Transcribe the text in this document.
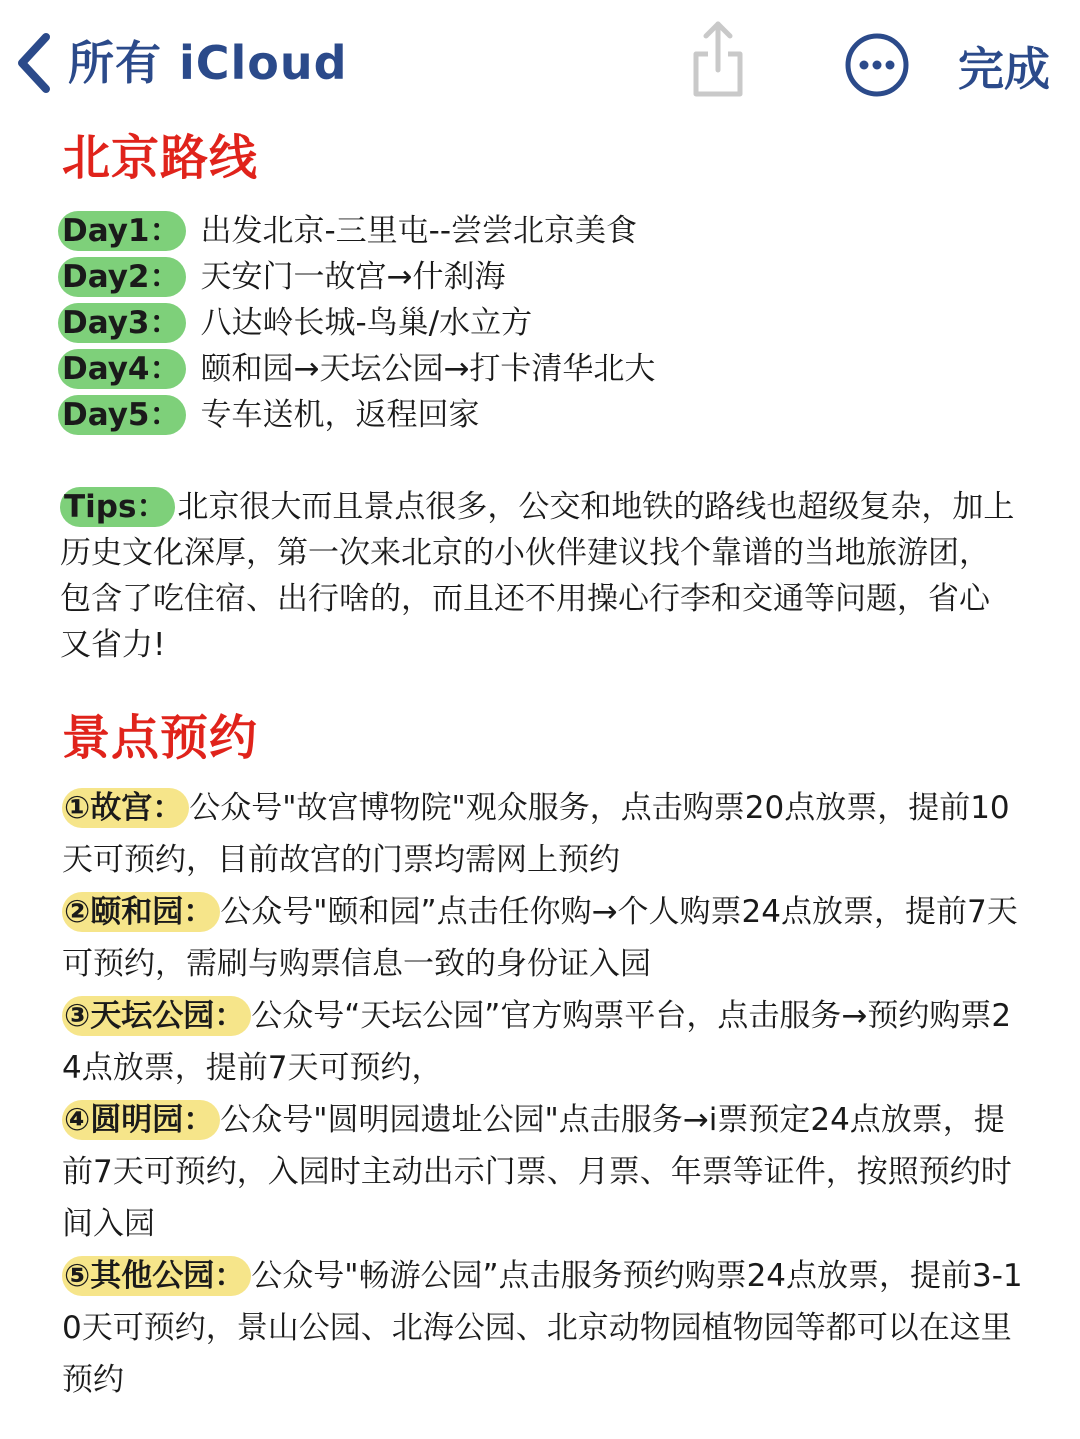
所有 iCloud	完成
北京路线
Day1： 出发北京-三里屯--尝尝北京美食
Day2： 天安门一故宫→什刹海
Day3： 八达岭长城-鸟巢/水立方
Day4： 颐和园→天坛公园→打卡清华北大
Day5： 专车送机，返程回家
Tips： 北京很大而且景点很多，公交和地铁的路线也超级复杂，加上历史文化深厚，第一次来北京的小伙伴建议找个靠谱的当地旅游团，包含了吃住宿、出行啥的，而且还不用操心行李和交通等问题，省心又省力!
景点预约

①故宫： 公众号"故宫博物院"观众服务，点击购票20点放票，提前10天可预约，目前故宫的门票均需网上预约

②颐和园： 公众号"颐和园”点击任你购→个人购票24点放票，提前7天可预约，需刷与购票信息一致的身份证入园

③天坛公园： 公众号“天坛公园”官方购票平台，点击服务→预约购票24点放票，提前7天可预约，

④圆明园： 公众号"圆明园遗址公园"点击服务→i票预定24点放票，提前7天可预约，入园时主动出示门票、月票、年票等证件，按照预约时间入园

⑤其他公园： 公众号"畅游公园”点击服务预约购票24点放票，提前3-10天可预约，景山公园、北海公园、北京动物园植物园等都可以在这里预约
